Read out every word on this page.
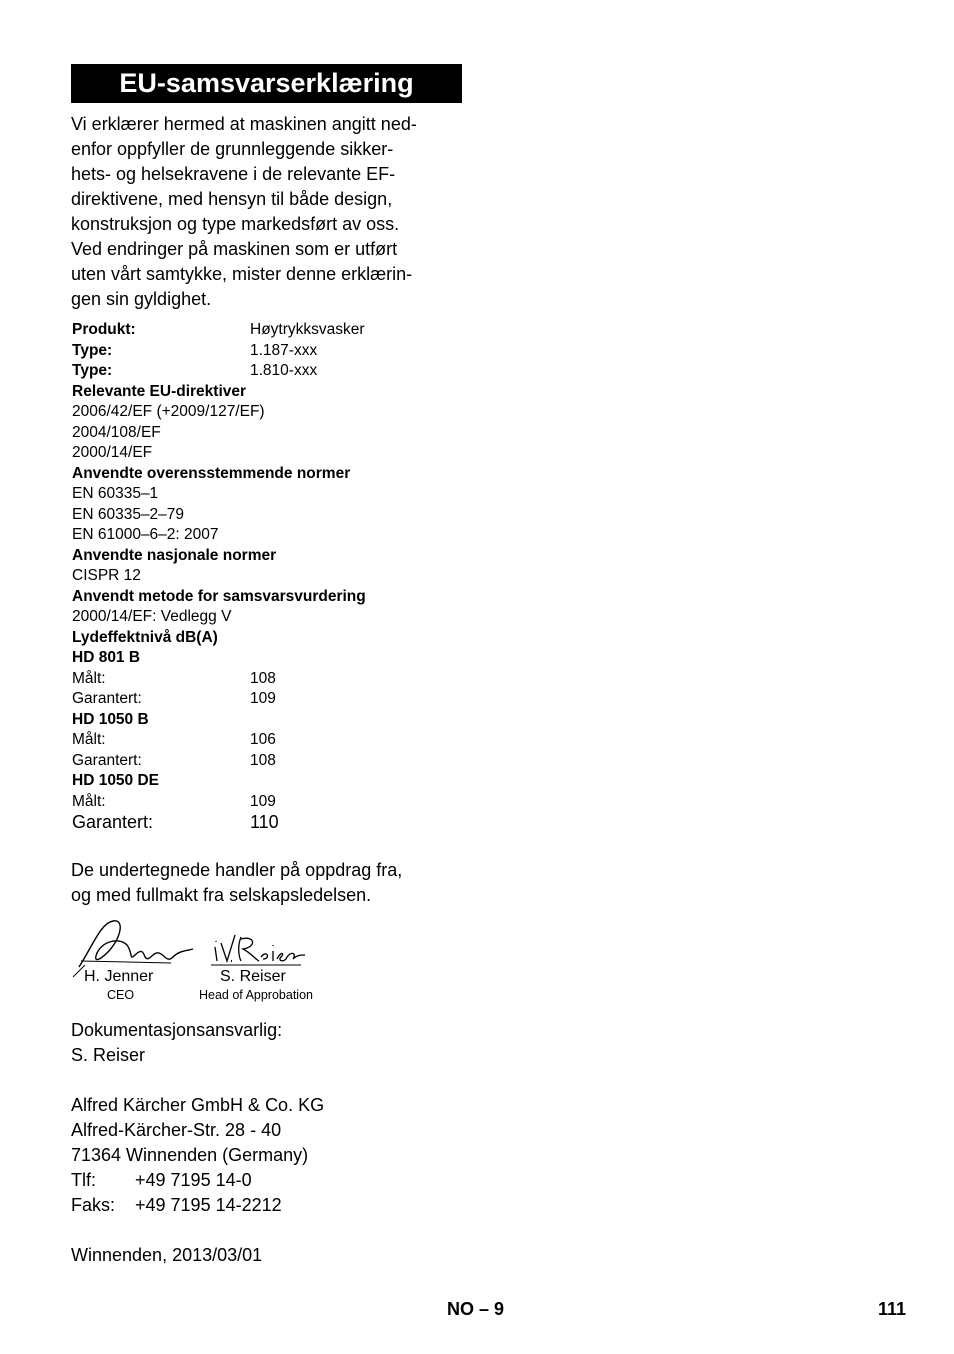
EU-samsvarserklæring
Vi erklærer hermed at maskinen angitt ned-
enfor oppfyller de grunnleggende sikker-
hets- og helsekravene i de relevante EF-
direktivene, med hensyn til både design,
konstruksjon og type markedsført av oss.
Ved endringer på maskinen som er utført
uten vårt samtykke, mister denne erklærin-
gen sin gyldighet.
Produkt:	Høytrykksvasker
Type:	1.187-xxx
Type:	1.810-xxx
Relevante EU-direktiver
2006/42/EF (+2009/127/EF)
2004/108/EF
2000/14/EF
Anvendte overensstemmende normer
EN 60335–1
EN 60335–2–79
EN 61000–6–2: 2007
Anvendte nasjonale normer
CISPR 12
Anvendt metode for samsvarsvurdering
2000/14/EF: Vedlegg V
Lydeffektnivå dB(A)
HD 801 B
Målt:	108
Garantert:	109
HD 1050 B
Målt:	106
Garantert:	108
HD 1050 DE
Målt:	109
Garantert:	110
De undertegnede handler på oppdrag fra,
og med fullmakt fra selskapsledelsen.
H. Jenner
CEO
S. Reiser
Head of Approbation
Dokumentasjonsansvarlig:
S. Reiser
Alfred Kärcher GmbH & Co. KG
Alfred-Kärcher-Str. 28 - 40
71364 Winnenden (Germany)
Tlf: +49 7195 14-0
Faks: +49 7195 14-2212
Winnenden, 2013/03/01
NO – 9	111
